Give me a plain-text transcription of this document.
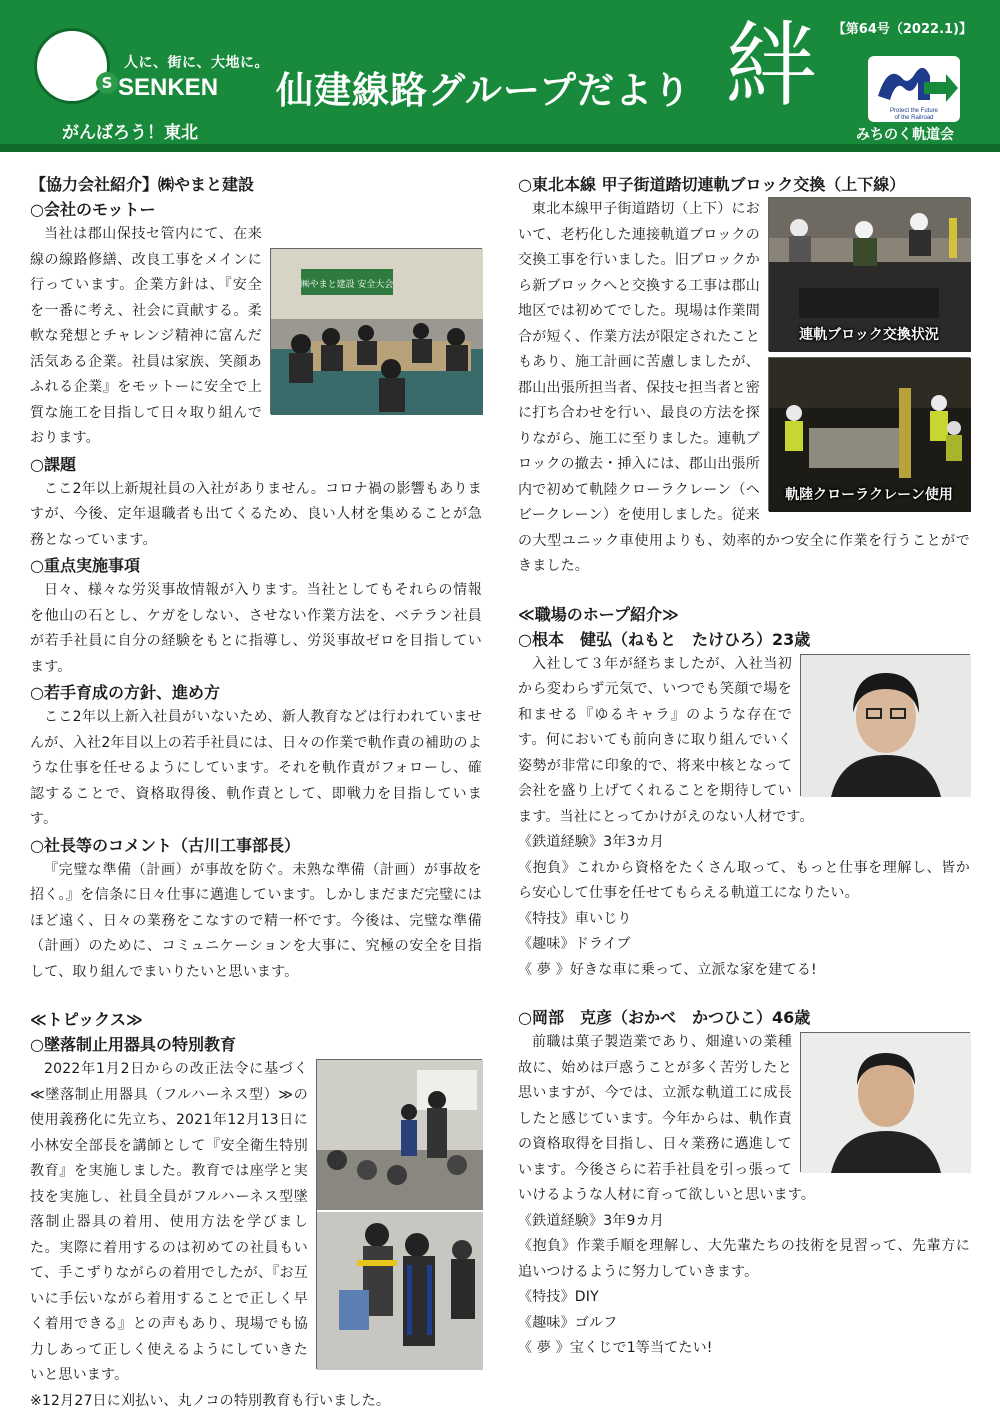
S
人に、街に、大地に。
SENKEN
がんばろう！東北
仙建線路グループだより 絆 【第64号（2022.1)】
Protect the Future
of the Railroad
みちのく軌道会
【協力会社紹介】㈱やまと建設
○会社のモットー
㈱やまと建設 安全大会
当社は郡山保技セ管内にて、在来線の線路修繕、改良工事をメインに行っています。企業方針は、『安全を一番に考え、社会に貢献する。柔軟な発想とチャレンジ精神に富んだ活気ある企業。社員は家族、笑顔あふれる企業』をモットーに安全で上質な施工を目指して日々取り組んでおります。
○課題
ここ2年以上新規社員の入社がありません。コロナ禍の影響もありますが、今後、定年退職者も出てくるため、良い人材を集めることが急務となっています。
○重点実施事項
日々、様々な労災事故情報が入ります。当社としてもそれらの情報を他山の石とし、ケガをしない、させない作業方法を、ベテラン社員が若手社員に自分の経験をもとに指導し、労災事故ゼロを目指しています。
○若手育成の方針、進め方
ここ2年以上新入社員がいないため、新人教育などは行われていませんが、入社2年目以上の若手社員には、日々の作業で軌作責の補助のような仕事を任せるようにしています。それを軌作責がフォローし、確認することで、資格取得後、軌作責として、即戦力を目指しています。
○社長等のコメント（古川工事部長）
『完璧な準備（計画）が事故を防ぐ。未熟な準備（計画）が事故を招く。』を信条に日々仕事に邁進しています。しかしまだまだ完璧にはほど遠く、日々の業務をこなすので精一杯です。今後は、完璧な準備（計画）のために、コミュニケーションを大事に、究極の安全を目指して、取り組んでまいりたいと思います。
≪トピックス≫
○墜落制止用器具の特別教育
2022年1月2日からの改正法令に基づく≪墜落制止用器具（フルハーネス型）≫の使用義務化に先立ち、2021年12月13日に小林安全部長を講師として『安全衛生特別教育』を実施しました。教育では座学と実技を実施し、社員全員がフルハーネス型墜落制止器具の着用、使用方法を学びました。実際に着用するのは初めての社員もいて、手こずりながらの着用でしたが、『お互いに手伝いながら着用することで正しく早く着用できる』との声もあり、現場でも協力しあって正しく使えるようにしていきたいと思います。
※12月27日に刈払い、丸ノコの特別教育も行いました。
○東北本線 甲子街道踏切連軌ブロック交換（上下線）
連軌ブロック交換状況
軌陸クローラクレーン使用
東北本線甲子街道踏切（上下）において、老朽化した連接軌道ブロックの交換工事を行いました。旧ブロックから新ブロックへと交換する工事は郡山地区では初めてでした。現場は作業間合が短く、作業方法が限定されたこともあり、施工計画に苦慮しましたが、郡山出張所担当者、保技セ担当者と密に打ち合わせを行い、最良の方法を探りながら、施工に至りました。連軌ブロックの撤去・挿入には、郡山出張所内で初めて軌陸クローラクレーン（ヘビークレーン）を使用しました。従来の大型ユニック車使用よりも、効率的かつ安全に作業を行うことができました。
≪職場のホープ紹介≫
○根本　健弘（ねもと　たけひろ）23歳
入社して３年が経ちましたが、入社当初から変わらず元気で、いつでも笑顔で場を和ませる『ゆるキャラ』のような存在です。何においても前向きに取り組んでいく姿勢が非常に印象的で、将来中核となって会社を盛り上げてくれることを期待しています。当社にとってかけがえのない人材です。
《鉄道経験》3年3カ月
《抱負》これから資格をたくさん取って、もっと仕事を理解し、皆から安心して仕事を任せてもらえる軌道工になりたい。
《特技》車いじり
《趣味》ドライブ
《 夢 》好きな車に乗って、立派な家を建てる!
○岡部　克彦（おかべ　かつひこ）46歳
前職は菓子製造業であり、畑違いの業種故に、始めは戸惑うことが多く苦労したと思いますが、今では、立派な軌道工に成長したと感じています。今年からは、軌作責の資格取得を目指し、日々業務に邁進しています。今後さらに若手社員を引っ張っていけるような人材に育って欲しいと思います。
《鉄道経験》3年9カ月
《抱負》作業手順を理解し、大先輩たちの技術を見習って、先輩方に追いつけるように努力していきます。
《特技》DIY
《趣味》ゴルフ
《 夢 》宝くじで1等当てたい!
